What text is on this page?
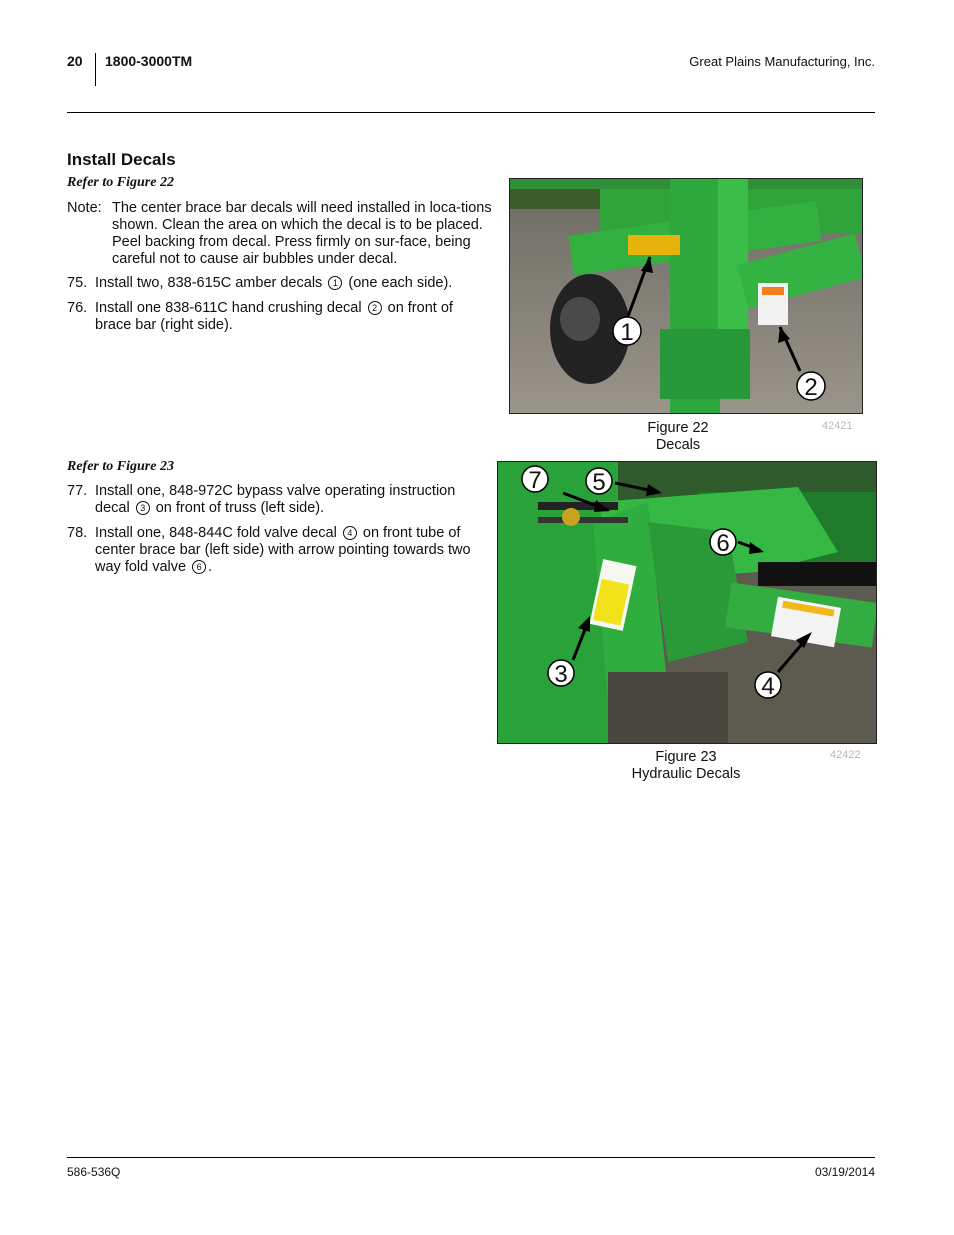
20 1800-3000TM	Great Plains Manufacturing, Inc.
Install Decals
Refer to Figure 22
Note: The center brace bar decals will need installed in loca-tions shown. Clean the area on which the decal is to be placed. Peel backing from decal. Press firmly on sur-face, being careful not to cause air bubbles under decal.
75. Install two, 838-615C amber decals 1 (one each side).
76. Install one 838-611C hand crushing decal 2 on front of brace bar (right side).
Refer to Figure 23
77. Install one, 848-972C bypass valve operating instruction decal 3 on front of truss (left side).
78. Install one, 848-844C fold valve decal 4 on front tube of center brace bar (left side) with arrow pointing towards two way fold valve 6 .
1
2
Figure 22
Decals
42421
7 5
6
3	4
Figure 23
Hydraulic Decals
42422
586-536Q	03/19/2014
